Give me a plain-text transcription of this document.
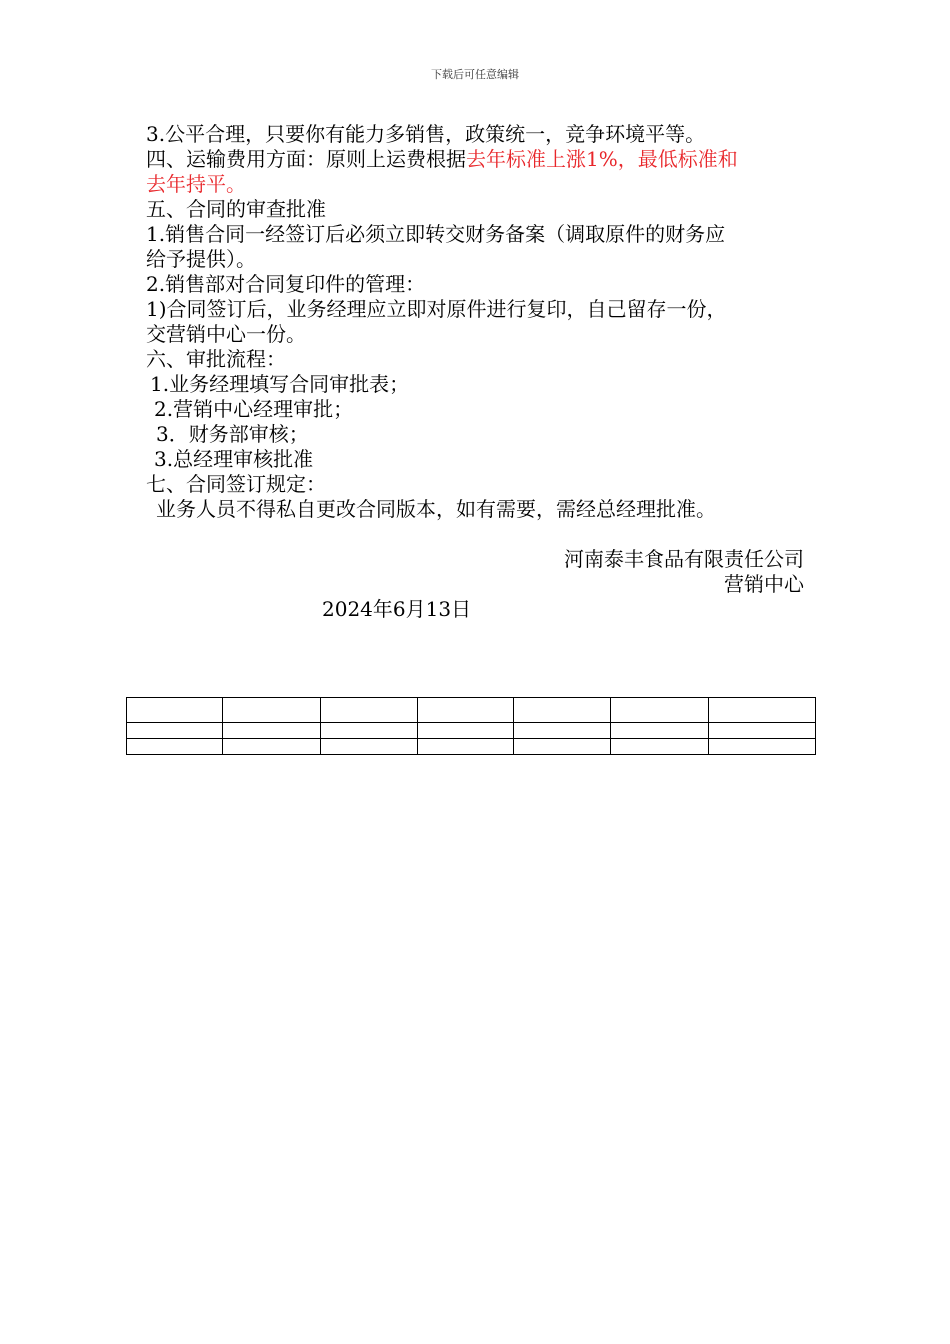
下载后可任意编辑
3.公平合理，只要你有能力多销售，政策统一，竞争环境平等。
四、运输费用方面：原则上运费根据去年标准上涨1%，最低标准和
去年持平。
五、合同的审查批准
1.销售合同一经签订后必须立即转交财务备案（调取原件的财务应
给予提供）。
2.销售部对合同复印件的管理：
1)合同签订后，业务经理应立即对原件进行复印，自己留存一份，
交营销中心一份。
六、审批流程：
1.业务经理填写合同审批表；
2.营销中心经理审批；
3．财务部审核；
3.总经理审核批准
七、合同签订规定：
业务人员不得私自更改合同版本，如有需要，需经总经理批准。
河南泰丰食品有限责任公司
营销中心
2024年6月13日
